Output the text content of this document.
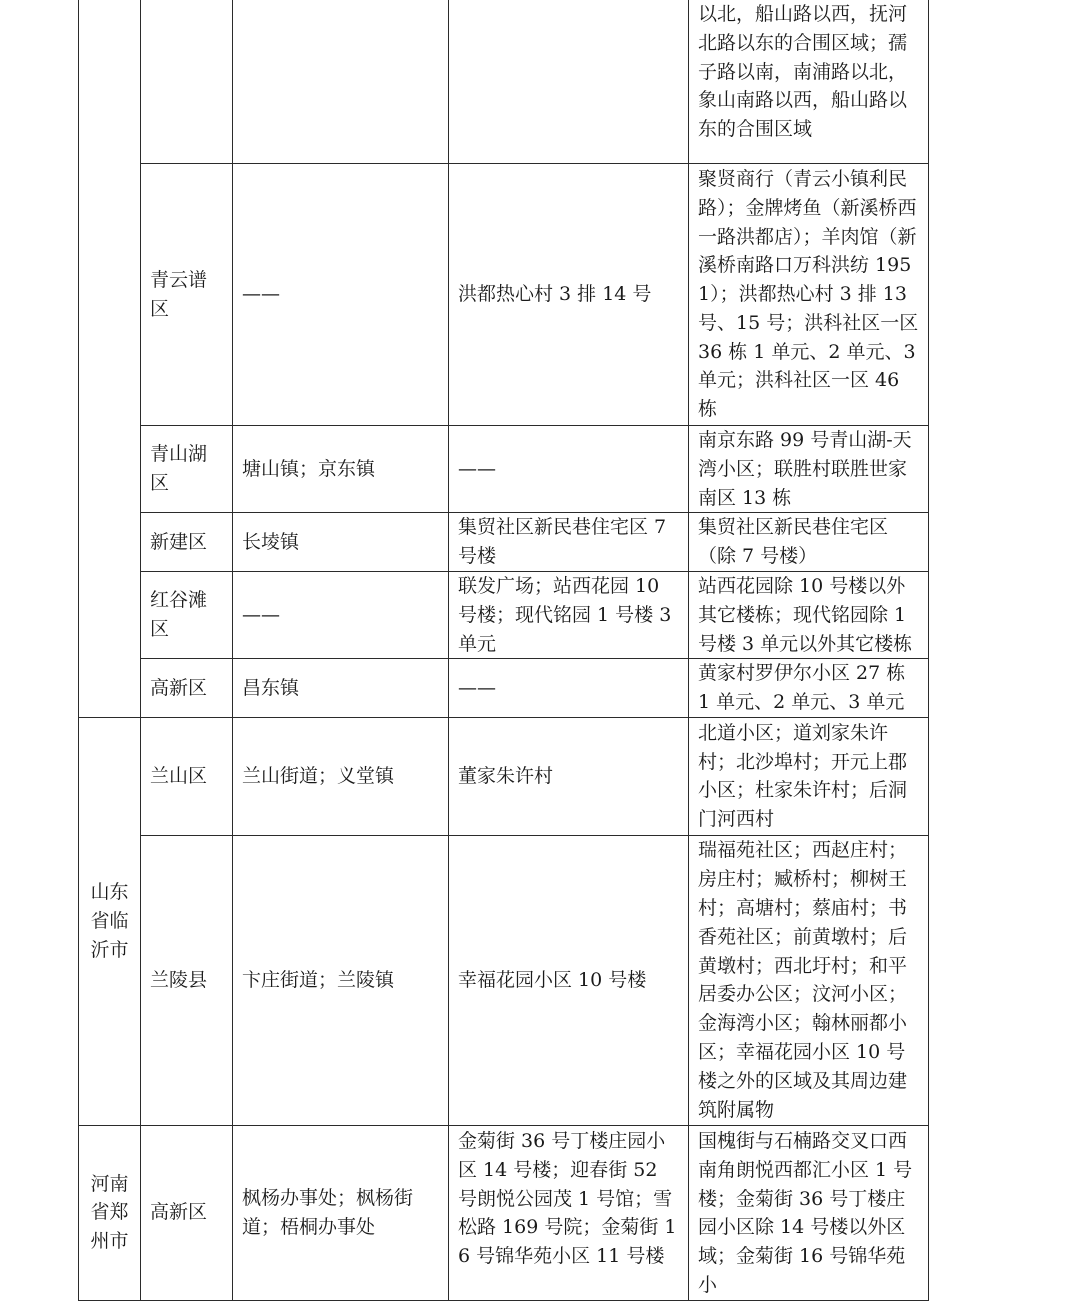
				以北，船山路以西，抚河北路以东的合围区域；孺子路以南，南浦路以北，象山南路以西，船山路以东的合围区域
	青云谱区	——	洪都热心村 3 排 14 号	聚贤商行（青云小镇利民路）；金牌烤鱼（新溪桥西一路洪都店）；羊肉馆（新溪桥南路口万科洪纺 1951）；洪都热心村 3 排 13 号、15 号；洪科社区一区 36 栋 1 单元、2 单元、3 单元；洪科社区一区 46 栋
	青山湖区	塘山镇；京东镇	——	南京东路 99 号青山湖-天湾小区；联胜村联胜世家南区 13 栋
	新建区	长堎镇	集贸社区新民巷住宅区 7 号楼	集贸社区新民巷住宅区（除 7 号楼）
	红谷滩区	——	联发广场；站西花园 10 号楼；现代铭园 1 号楼 3 单元	站西花园除 10 号楼以外其它楼栋；现代铭园除 1 号楼 3 单元以外其它楼栋
	高新区	昌东镇	——	黄家村罗伊尔小区 27 栋 1 单元、2 单元、3 单元
山东省临沂市	兰山区	兰山街道；义堂镇	董家朱许村	北道小区；道刘家朱许村；北沙埠村；开元上郡小区；杜家朱许村；后洞门河西村
	兰陵县	卞庄街道；兰陵镇	幸福花园小区 10 号楼	瑞福苑社区；西赵庄村；房庄村；臧桥村；柳树王村；高塘村；蔡庙村；书香苑社区；前黄墩村；后黄墩村；西北圩村；和平居委办公区；汶河小区；金海湾小区；翰林丽都小区；幸福花园小区 10 号楼之外的区域及其周边建筑附属物
河南省郑州市	高新区	枫杨办事处；枫杨街道；梧桐办事处	金菊街 36 号丁楼庄园小区 14 号楼；迎春街 52 号朗悦公园茂 1 号馆；雪松路 169 号院；金菊街 16 号锦华苑小区 11 号楼	国槐街与石楠路交叉口西南角朗悦西都汇小区 1 号楼；金菊街 36 号丁楼庄园小区除 14 号楼以外区域；金菊街 16 号锦华苑小
